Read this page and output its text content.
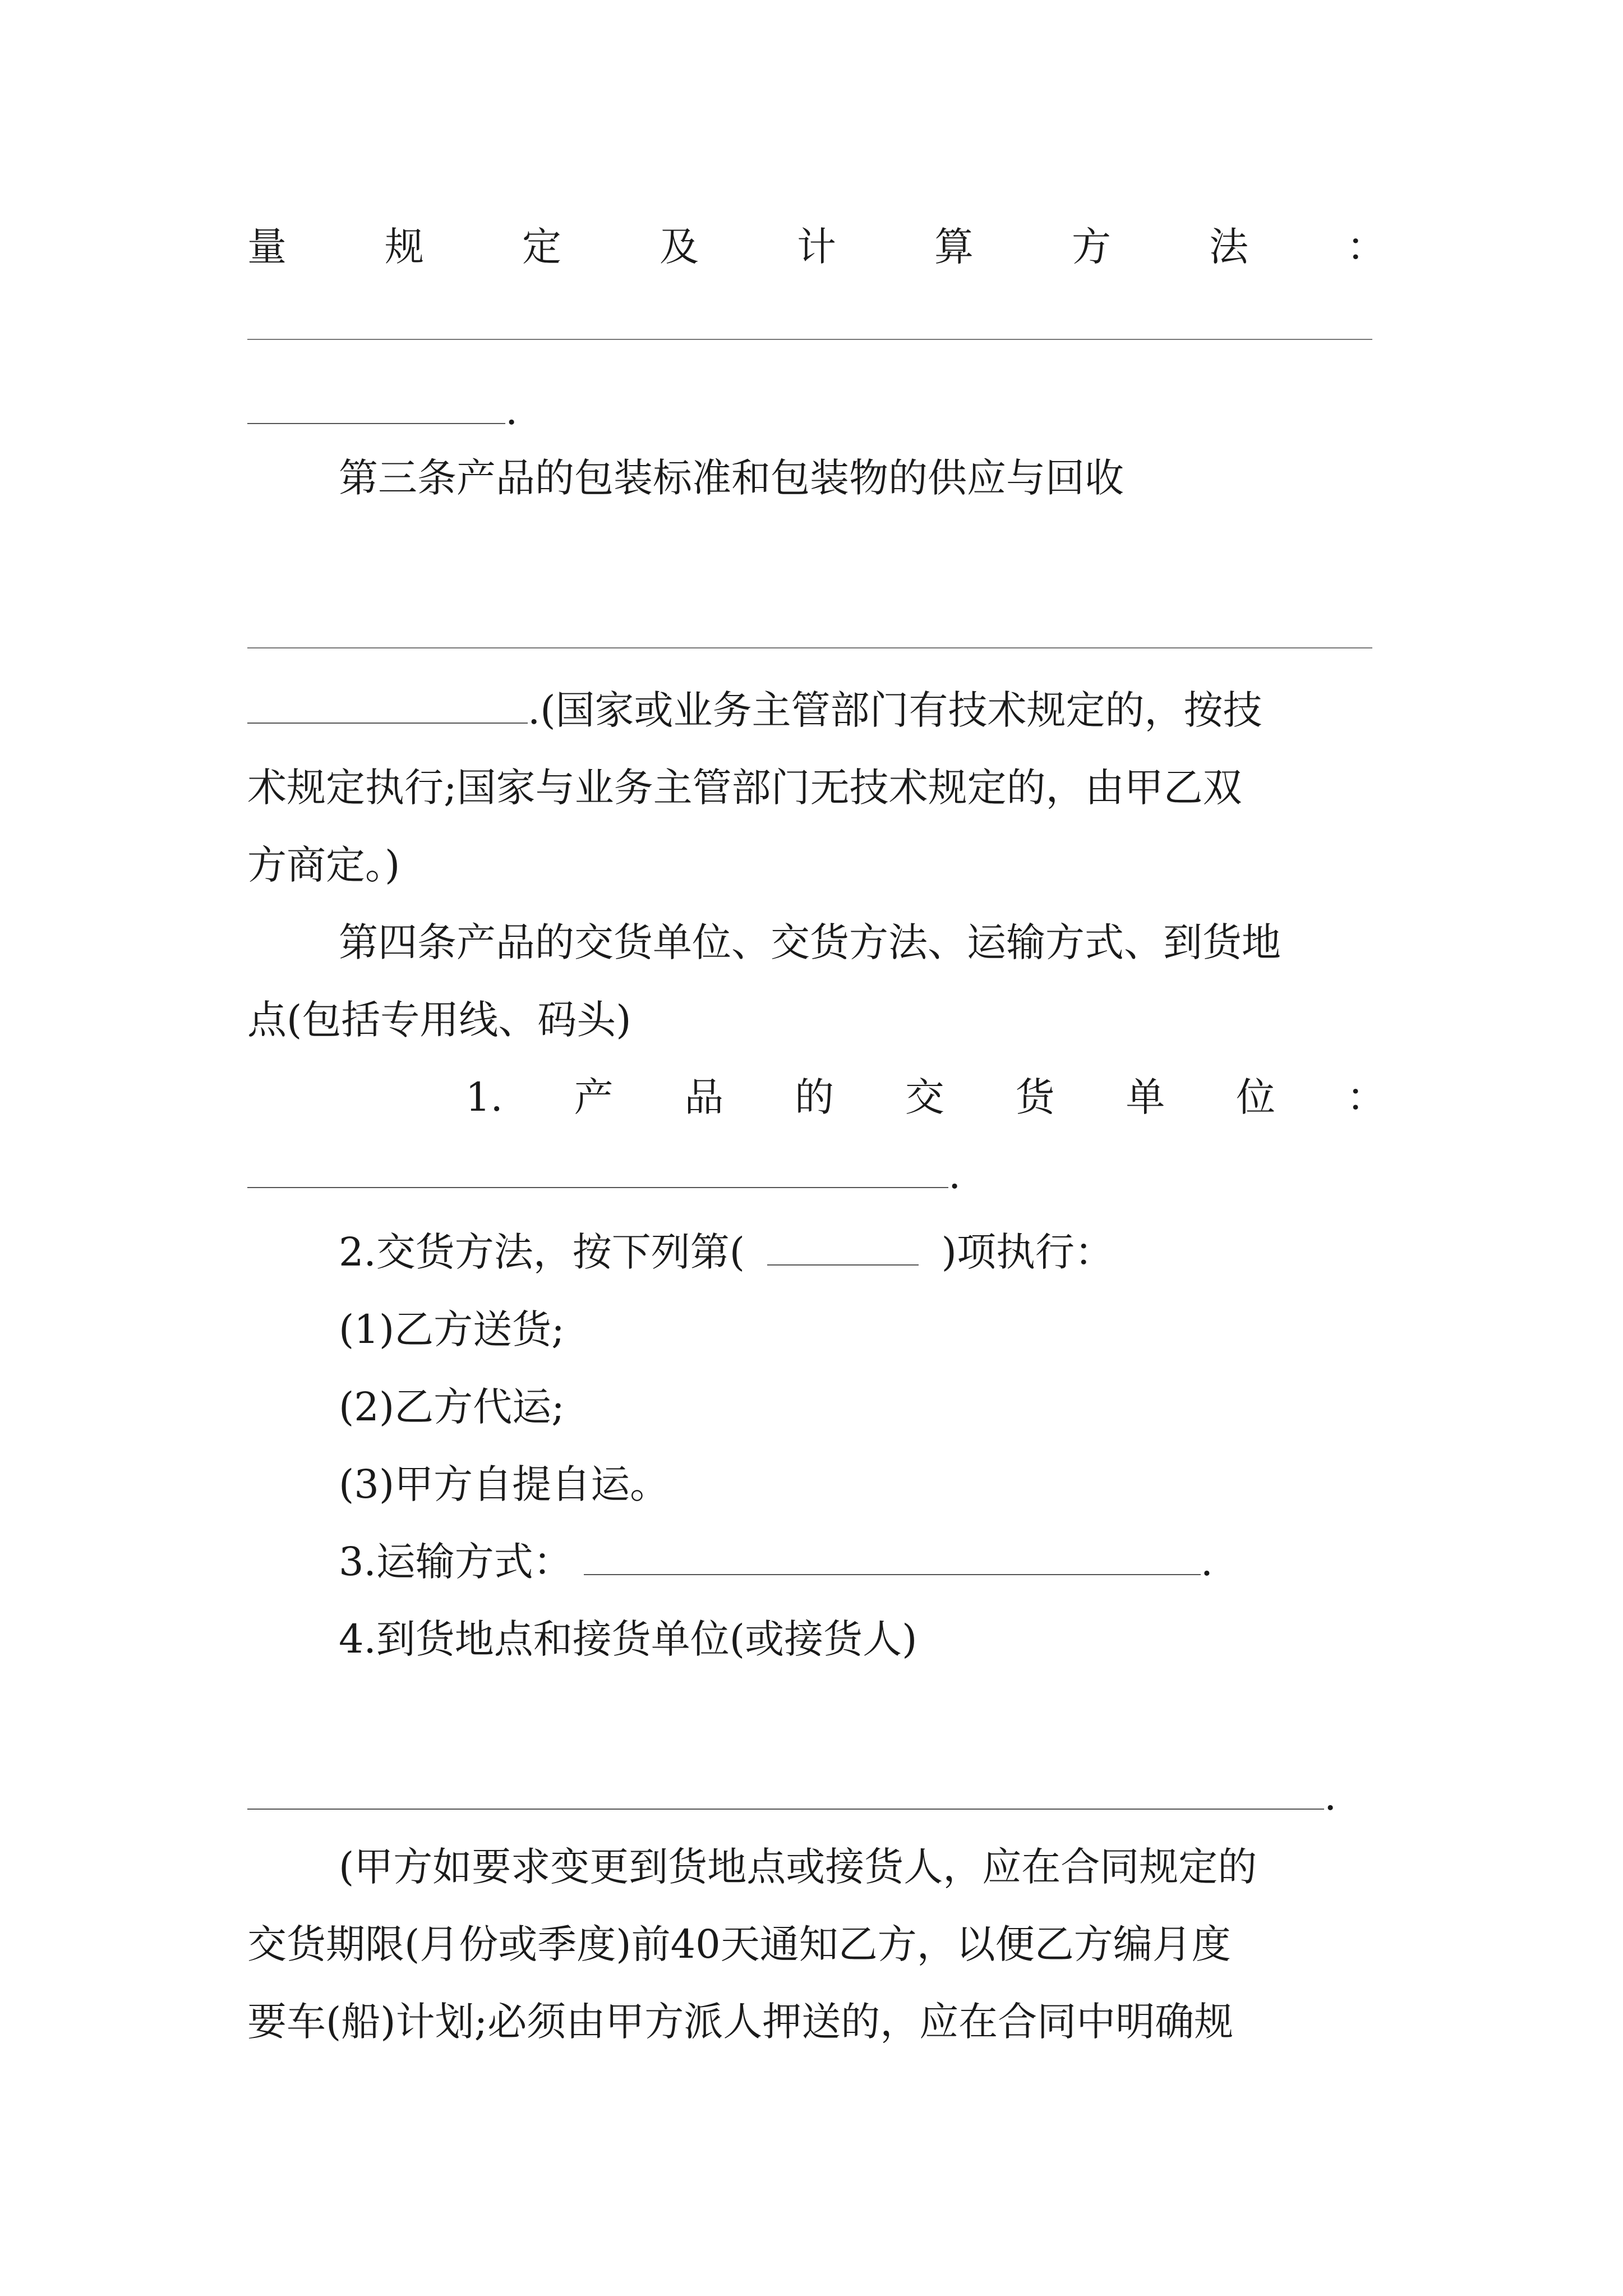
量	规	定	及	计	算	方	法	：
.
第三条产品的包装标准和包装物的供应与回收
.(国家或业务主管部门有技术规定的，按技
术规定执行;国家与业务主管部门无技术规定的，由甲乙双
方商定。)
第四条产品的交货单位、交货方法、运输方式、到货地
点(包括专用线、码头)
1. 产 品 的 交 货 单 位 ：
.
2.交货方法，按下列第(	)项执行：
(1)乙方送货;
(2)乙方代运;
(3)甲方自提自运。
3.运输方式：	.
4.到货地点和接货单位(或接货人)
.
(甲方如要求变更到货地点或接货人，应在合同规定的
交货期限(月份或季度)前40天通知乙方，以便乙方编月度
要车(船)计划;必须由甲方派人押送的，应在合同中明确规
